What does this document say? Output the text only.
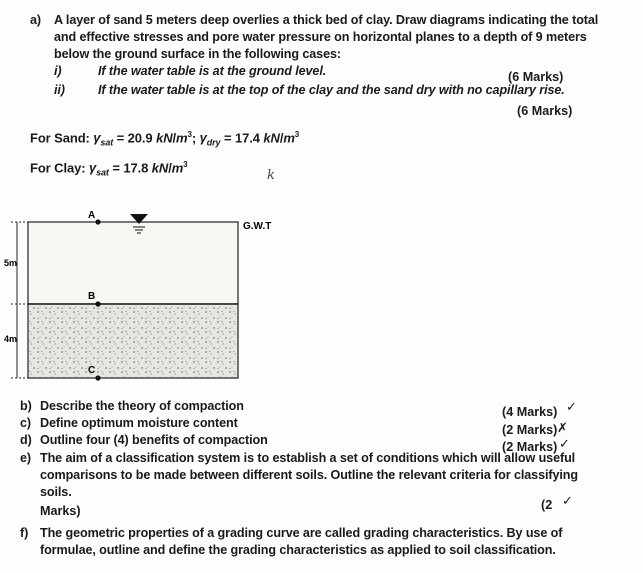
a) A layer of sand 5 meters deep overlies a thick bed of clay. Draw diagrams indicating the total
and effective stresses and pore water pressure on horizontal planes to a depth of 9 meters
below the ground surface in the following cases:
i)	If the water table is at the ground level.	(6 Marks)
ii)	If the water table is at the top of the clay and the sand dry with no capillary rise.
(6 Marks)
For Sand: $\gamma_{sat} = 20.9$ $kN/m^3$; $\gamma_{dry} = 17.4$ $kN/m^3$
For Clay: $\gamma_{sat} = 17.8$ $kN/m^3$
k
G.W.T
A
B
C
5m
4m
b) Describe the theory of compaction	(4 Marks) ✓
c) Define optimum moisture content	(2 Marks) ✗
d) Outline four (4) benefits of compaction	(2 Marks) ✓
e) The aim of a classification system is to establish a set of conditions which will allow useful
comparisons to be made between different soils. Outline the relevant criteria for classifying
soils.
(2 ✓
Marks)
f) The geometric properties of a grading curve are called grading characteristics. By use of
formulae, outline and define the grading characteristics as applied to soil classification.
